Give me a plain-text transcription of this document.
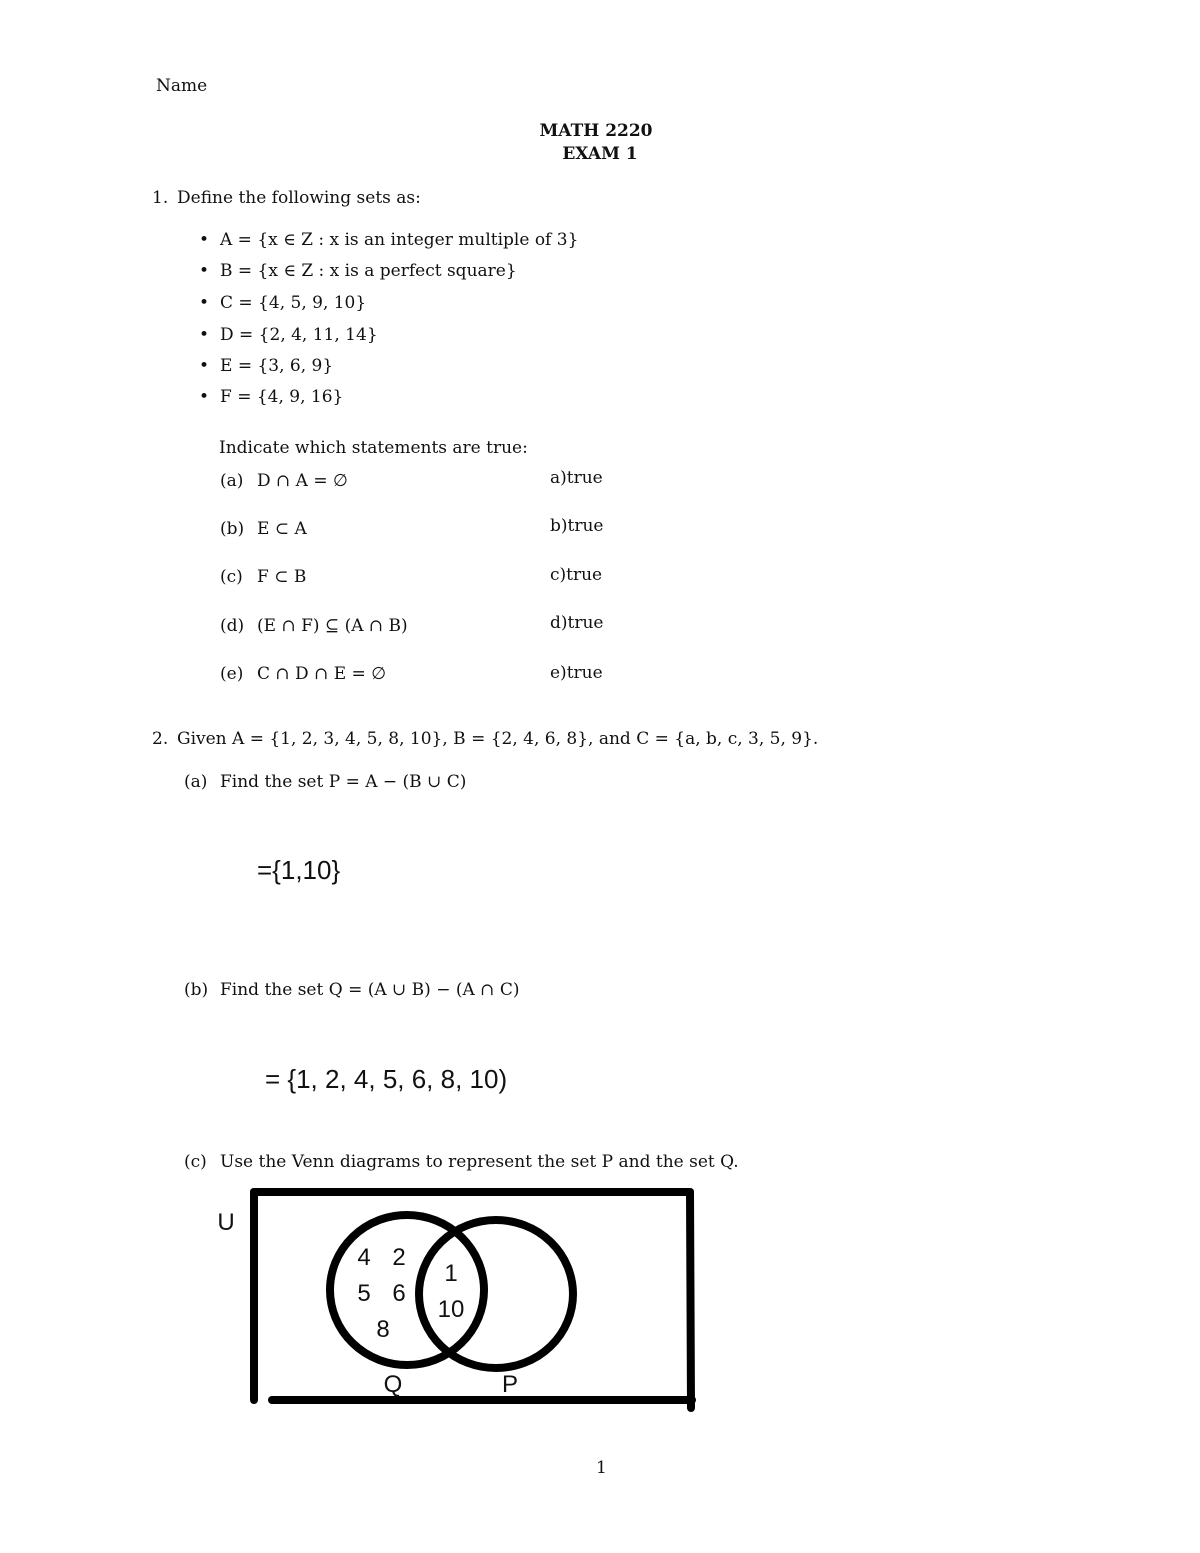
Name
MATH 2220
EXAM 1
1. Define the following sets as:
• A = {x ∈ Z : x is an integer multiple of 3}
• B = {x ∈ Z : x is a perfect square}
• C = {4, 5, 9, 10}
• D = {2, 4, 11, 14}
• E = {3, 6, 9}
• F = {4, 9, 16}
Indicate which statements are true:
(a) D ∩ A = ∅	a)true
(b) E ⊂ A	b)true
(c) F ⊂ B	c)true
(d) (E ∩ F) ⊆ (A ∩ B)	d)true
(e) C ∩ D ∩ E = ∅	e)true
2. Given A = {1, 2, 3, 4, 5, 8, 10}, B = {2, 4, 6, 8}, and C = {a, b, c, 3, 5, 9}.
(a) Find the set P = A − (B ∪ C)
={1,10}
(b) Find the set Q = (A ∪ B) − (A ∩ C)
= {1, 2, 4, 5, 6, 8, 10)
(c) Use the Venn diagrams to represent the set P and the set Q.
U
4 2
5 6
8
1
10
Q	P
1
